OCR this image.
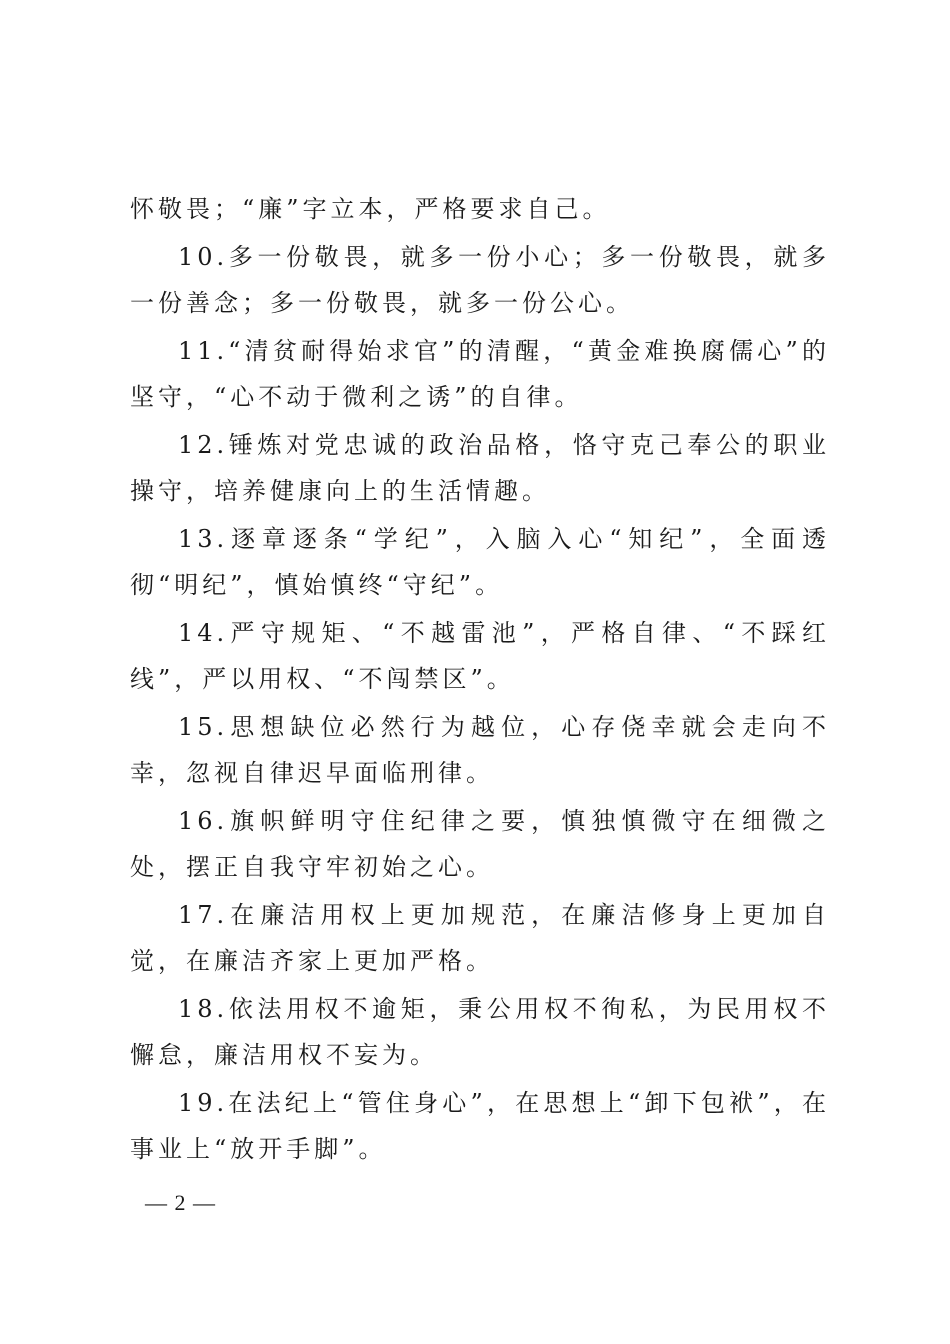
怀敬畏；“廉”字立本，严格要求自己。

10.多一份敬畏，就多一份小心；多一份敬畏，就多一份善念；多一份敬畏，就多一份公心。

11.“清贫耐得始求官”的清醒，“黄金难换腐儒心”的坚守，“心不动于微利之诱”的自律。

12.锤炼对党忠诚的政治品格，恪守克己奉公的职业操守，培养健康向上的生活情趣。

13.逐章逐条“学纪”，入脑入心“知纪”，全面透彻“明纪”，慎始慎终“守纪”。

14.严守规矩、“不越雷池”，严格自律、“不踩红线”，严以用权、“不闯禁区”。

15.思想缺位必然行为越位，心存侥幸就会走向不幸，忽视自律迟早面临刑律。

16.旗帜鲜明守住纪律之要，慎独慎微守在细微之处，摆正自我守牢初始之心。

17.在廉洁用权上更加规范，在廉洁修身上更加自觉，在廉洁齐家上更加严格。

18.依法用权不逾矩，秉公用权不徇私，为民用权不懈怠，廉洁用权不妄为。

19.在法纪上“管住身心”，在思想上“卸下包袱”，在事业上“放开手脚”。

— 2 —
